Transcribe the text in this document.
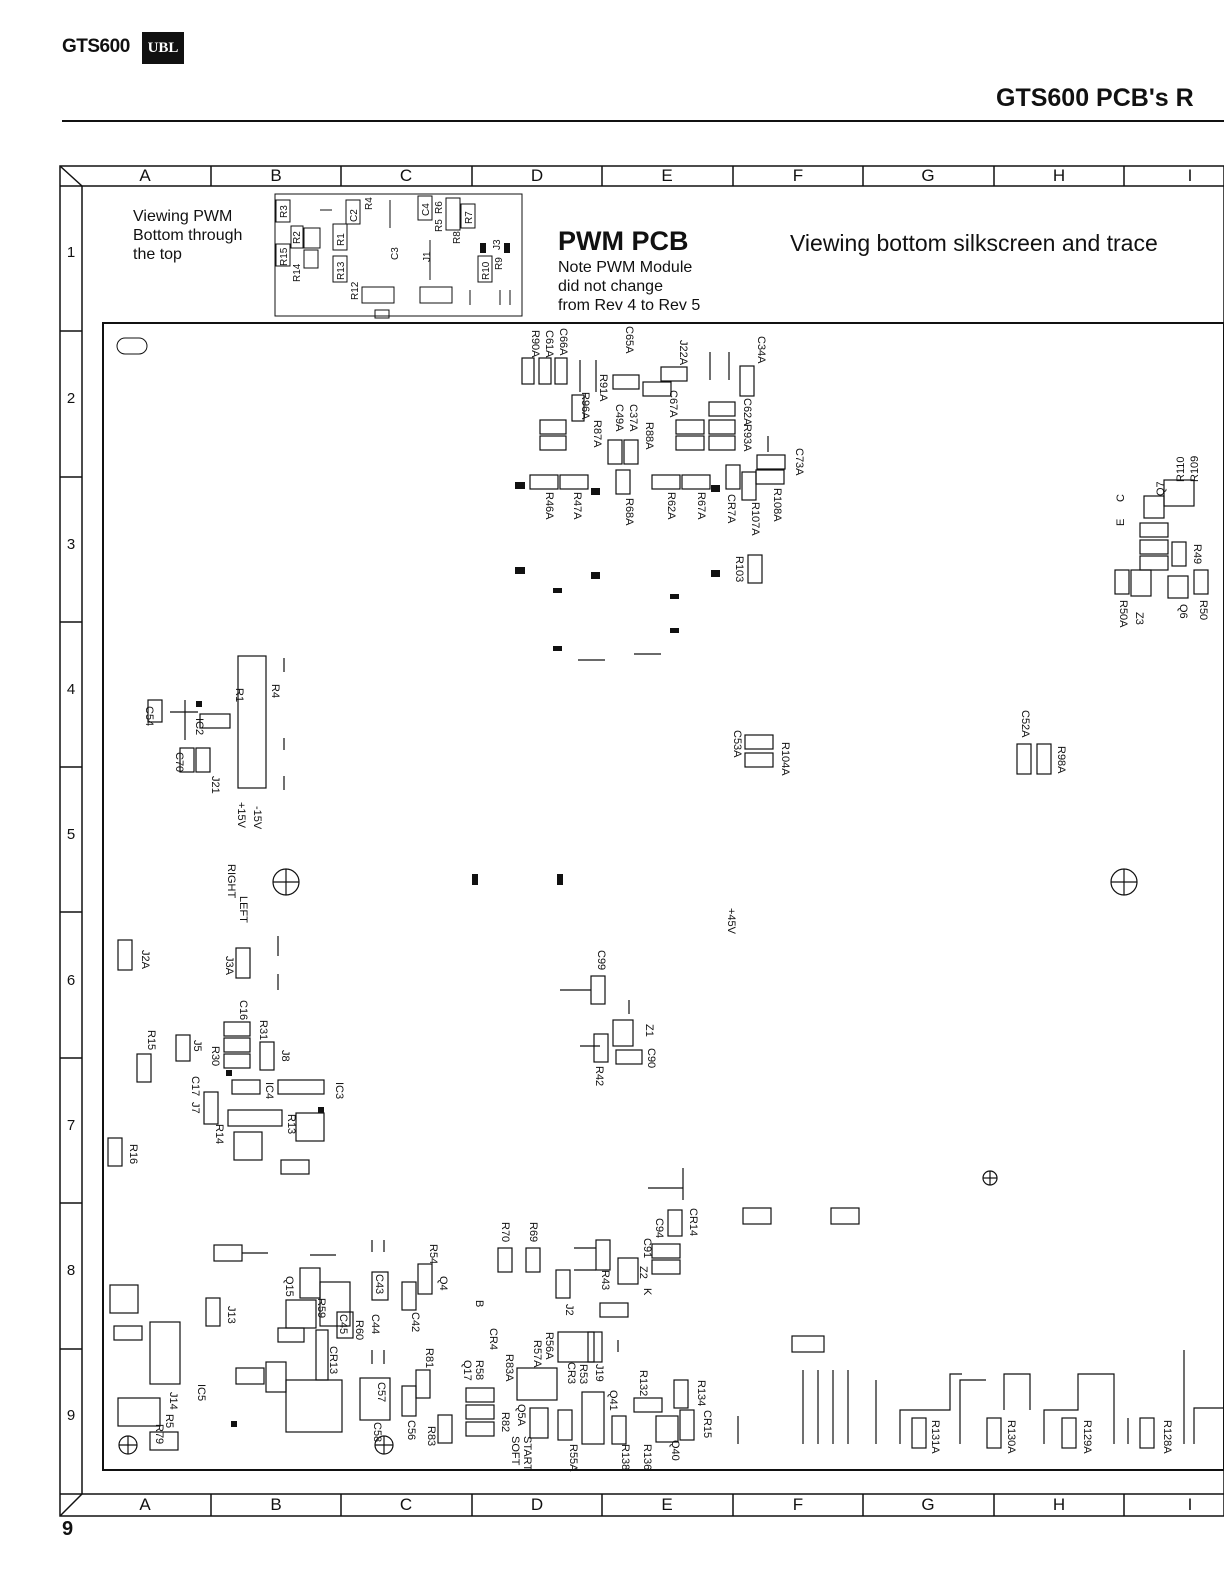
GTS600	UBL
GTS600 PCB's R
C66A
C61A
R90A	C65A	J22A	C34A
R96A
R91A
C37A
C49A
R87A
C67A
R88A
C62A
R93A
C73A
R46A R47A	R68A	R62A R67A CR7A R107A R108A
R103
R109
R110
Q7
R49
Q6 R50
Z3
R50A
R1 R4
C54
IC2
C70
J21
+15V -15V
RIGHT
LEFT
C53A	R104A
C52A
R98A
+45V
J2A	J3A
C16
R31
J8
R15	J5
R30
C17
J7
IC4	IC3
R14	R13
R16
C99
Z1
C90
R42
R70 R69	CR14
C94
C91
Z2
K
R43
J2
Q15
R59
C43
C44
R60
C45
CR13
C42
R54
Q4
J13
R81
Q17 R58
CR4
R83A
R82 Q5A
SOFT START
R56A
R57A
CR3 R53 J19
Q41
R132	R134
CR15
R136
R138	Q40
R55A
IC5
J14
R5
R79
C57
C56
C58	R83	R131A	R130A	R129A	R128A
E
C
B
R3
R2
R15
R14	R13
R12
C2
R4
R1
C3
C4
R5
R6
R7
R8
J1
J3
R10 R9
A	B	C	D	E	F	G	H	I
A	B	C	D	E	F	G	H	I
1
2
3
4
5
6
7
8
9
Viewing PWM
Bottom through
the top	PWM PCB
Note PWM Module
did not change
from Rev 4 to Rev 5
Viewing bottom silkscreen and trace
9
